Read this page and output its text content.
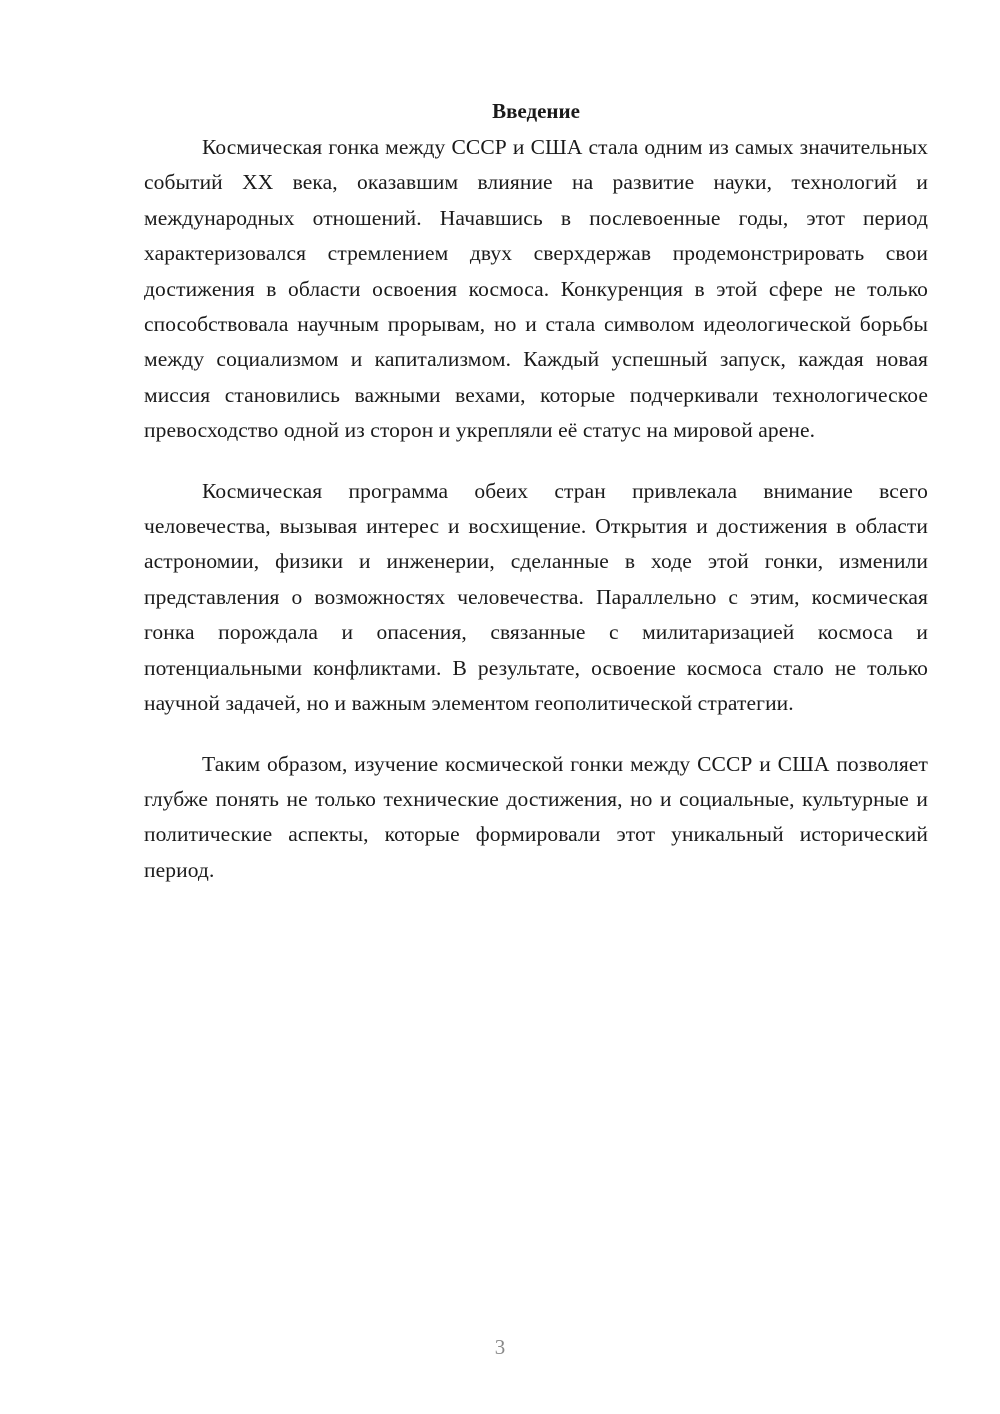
Введение

Космическая гонка между СССР и США стала одним из самых значительных событий XX века, оказавшим влияние на развитие науки, технологий и международных отношений. Начавшись в послевоенные годы, этот период характеризовался стремлением двух сверхдержав продемонстрировать свои достижения в области освоения космоса. Конкуренция в этой сфере не только способствовала научным прорывам, но и стала символом идеологической борьбы между социализмом и капитализмом. Каждый успешный запуск, каждая новая миссия становились важными вехами, которые подчеркивали технологическое превосходство одной из сторон и укрепляли её статус на мировой арене.

Космическая программа обеих стран привлекала внимание всего человечества, вызывая интерес и восхищение. Открытия и достижения в области астрономии, физики и инженерии, сделанные в ходе этой гонки, изменили представления о возможностях человечества. Параллельно с этим, космическая гонка порождала и опасения, связанные с милитаризацией космоса и потенциальными конфликтами. В результате, освоение космоса стало не только научной задачей, но и важным элементом геополитической стратегии.

Таким образом, изучение космической гонки между СССР и США позволяет глубже понять не только технические достижения, но и социальные, культурные и политические аспекты, которые формировали этот уникальный исторический период.

3
